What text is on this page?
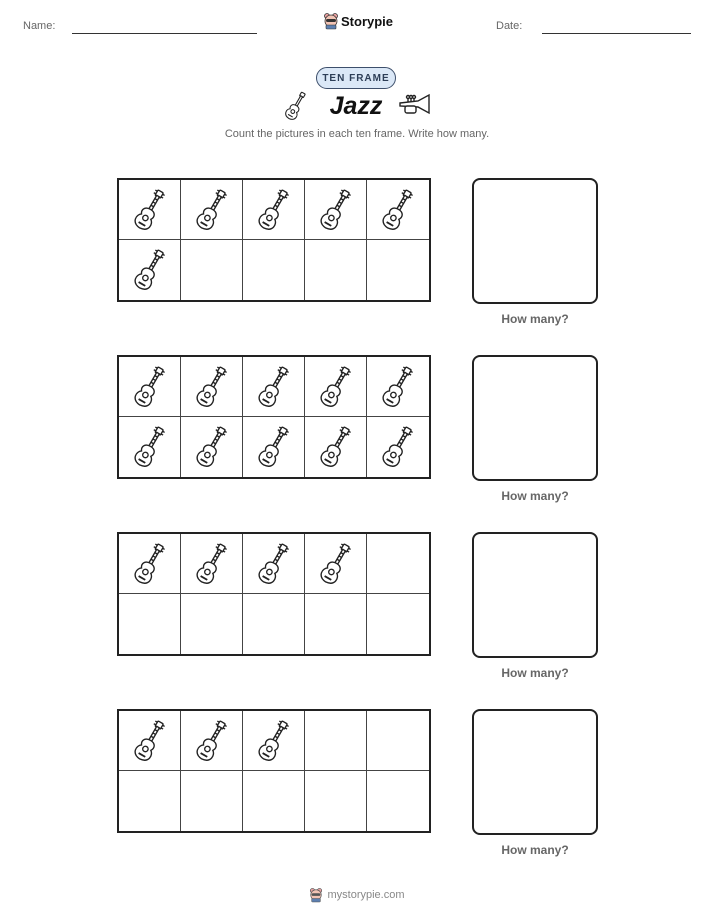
Name:	Storypie	Date:
TEN FRAME
Jazz
Count the pictures in each ten frame. Write how many.
How many?
How many?
How many?
How many?
mystorypie.com
